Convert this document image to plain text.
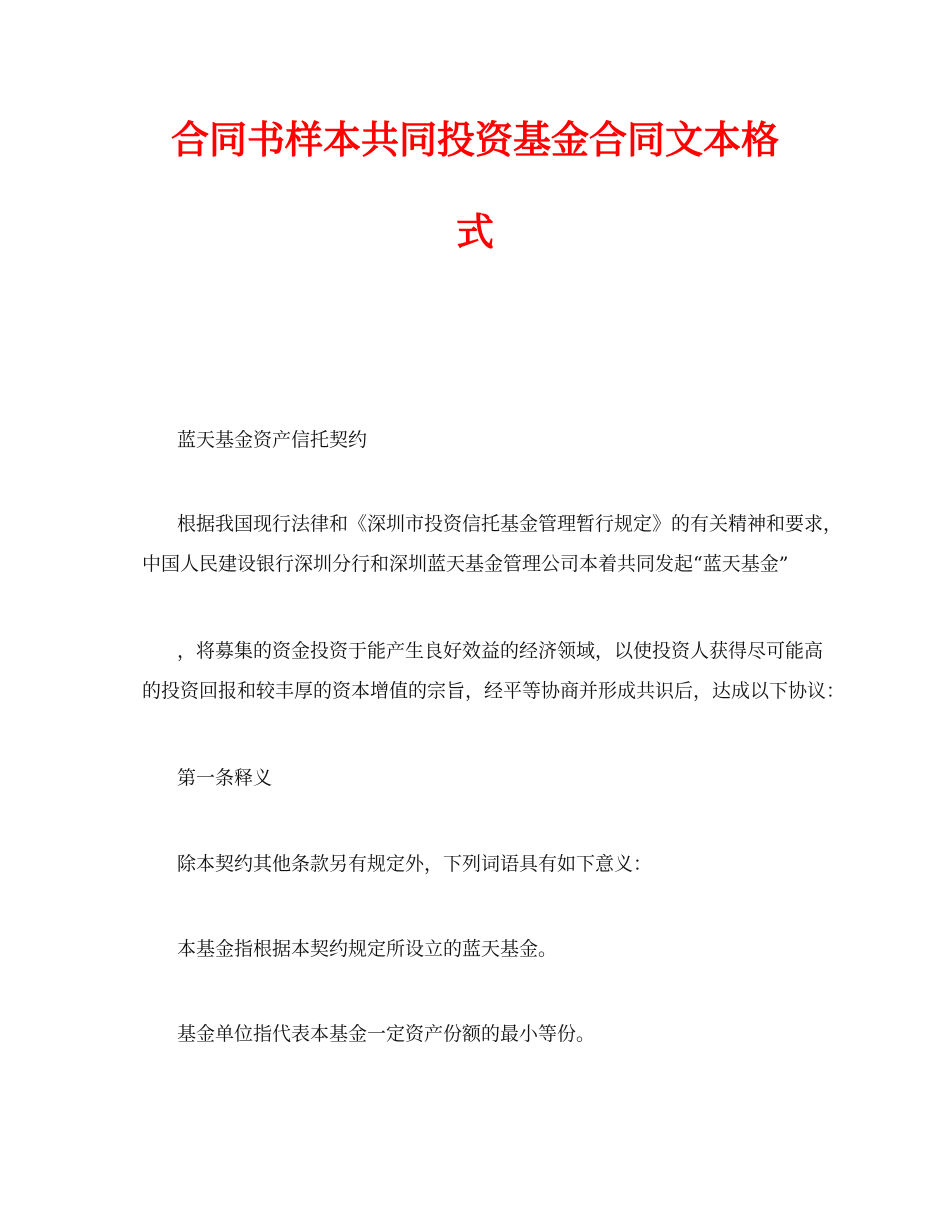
合同书样本共同投资基金合同文本格
式

蓝天基金资产信托契约

根据我国现行法律和《深圳市投资信托基金管理暂行规定》的有关精神和要求，
中国人民建设银行深圳分行和深圳蓝天基金管理公司本着共同发起“蓝天基金”

，将募集的资金投资于能产生良好效益的经济领域，以使投资人获得尽可能高
的投资回报和较丰厚的资本增值的宗旨，经平等协商并形成共识后，达成以下协议：

第一条释义

除本契约其他条款另有规定外，下列词语具有如下意义：

本基金指根据本契约规定所设立的蓝天基金。

基金单位指代表本基金一定资产份额的最小等份。
